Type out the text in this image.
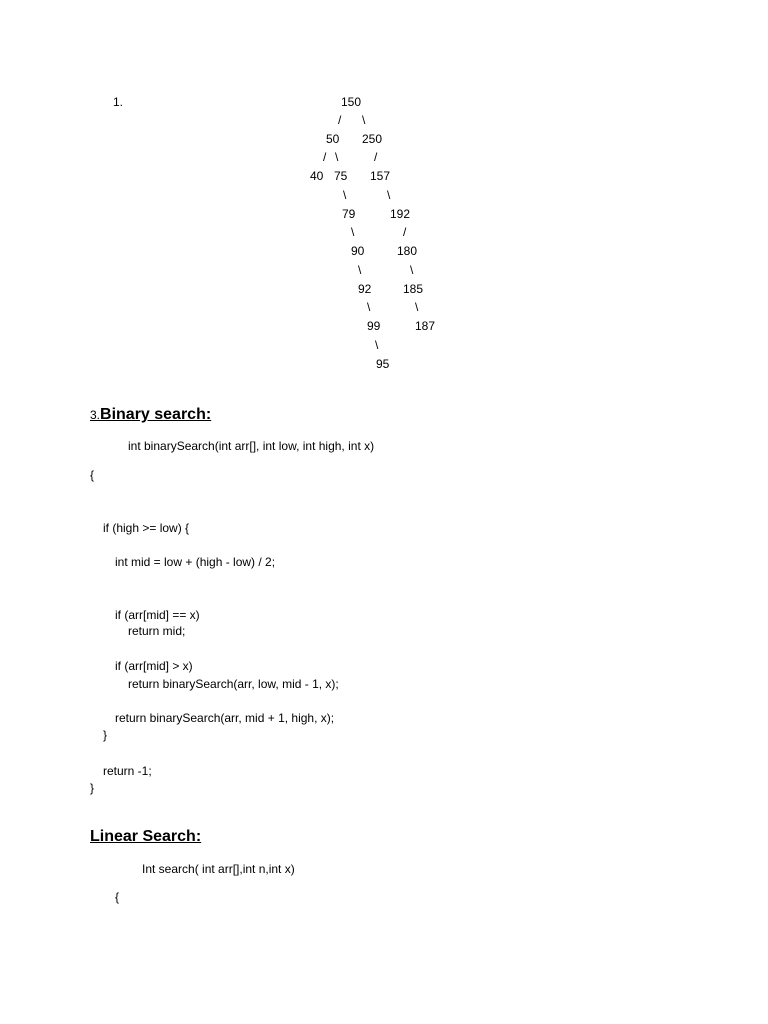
1.	150
/ \
50 250
/ \	/
40 75 157
\	\
79	192
\	/
90	180
\	\
92	185
\	\
99	187
\
95
3.Binary search:
int binarySearch(int arr[], int low, int high, int x)
{
if (high >= low) {
int mid = low + (high - low) / 2;
if (arr[mid] == x)
return mid;
if (arr[mid] > x)
return binarySearch(arr, low, mid - 1, x);
return binarySearch(arr, mid + 1, high, x);
}
return -1;
}
Linear Search:
Int search( int arr[],int n,int x)
{
